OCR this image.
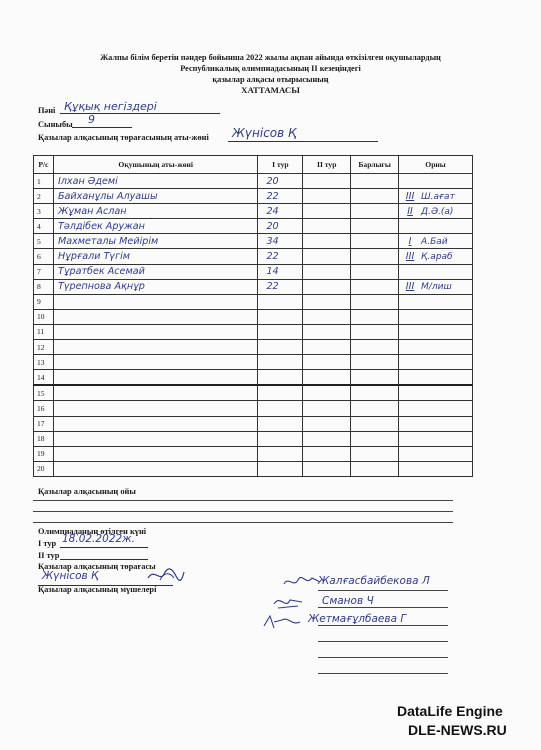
Жалпы білім беретін пәндер бойынша 2022 жылы ақпан айында өткізілген оқушылардың
Республикалық олимпиадасының ІІ кезеңіндегі
қазылар алқасы отырысының
ХАТТАМАСЫ
Пәні Құқық негіздері
Сыныбы 9
Қазылар алқасының төрағасының аты-жөні Жүнісов Қ
Р/с	Оқушының аты-жөні	І тур	ІІ тур	Барлығы	Орны
1	Ілхан Әдемі	20			
2	Байханұлы Алуашы	22			III Ш.ағат
3	Жұман Аслан	24			II Д.Ә.(а)
4	Тәлдібек Аружан	20			
5	Махметалы Мейірім	34			I А.Бай
6	Нұрғали Түгім	22			III Қ.араб
7	Тұратбек Асемай	14			
8	Түрепнова Ақнұр	22			III М/лиш
9					
10					
11					
12					
13					
14					
15					
16					
17					
18					
19					
20					
Қазылар алқасының ойы
Олимпиаданың өтілген күні
І тур 18.02.2022ж.
ІІ тур
Қазылар алқасының төрағасы
Жүнісов Қ
Қазылар алқасының мүшелері
Жалғасбайбекова Л
Сманов Ч
Жетмағұлбаева Г
DataLife Engine
DLE-NEWS.RU
